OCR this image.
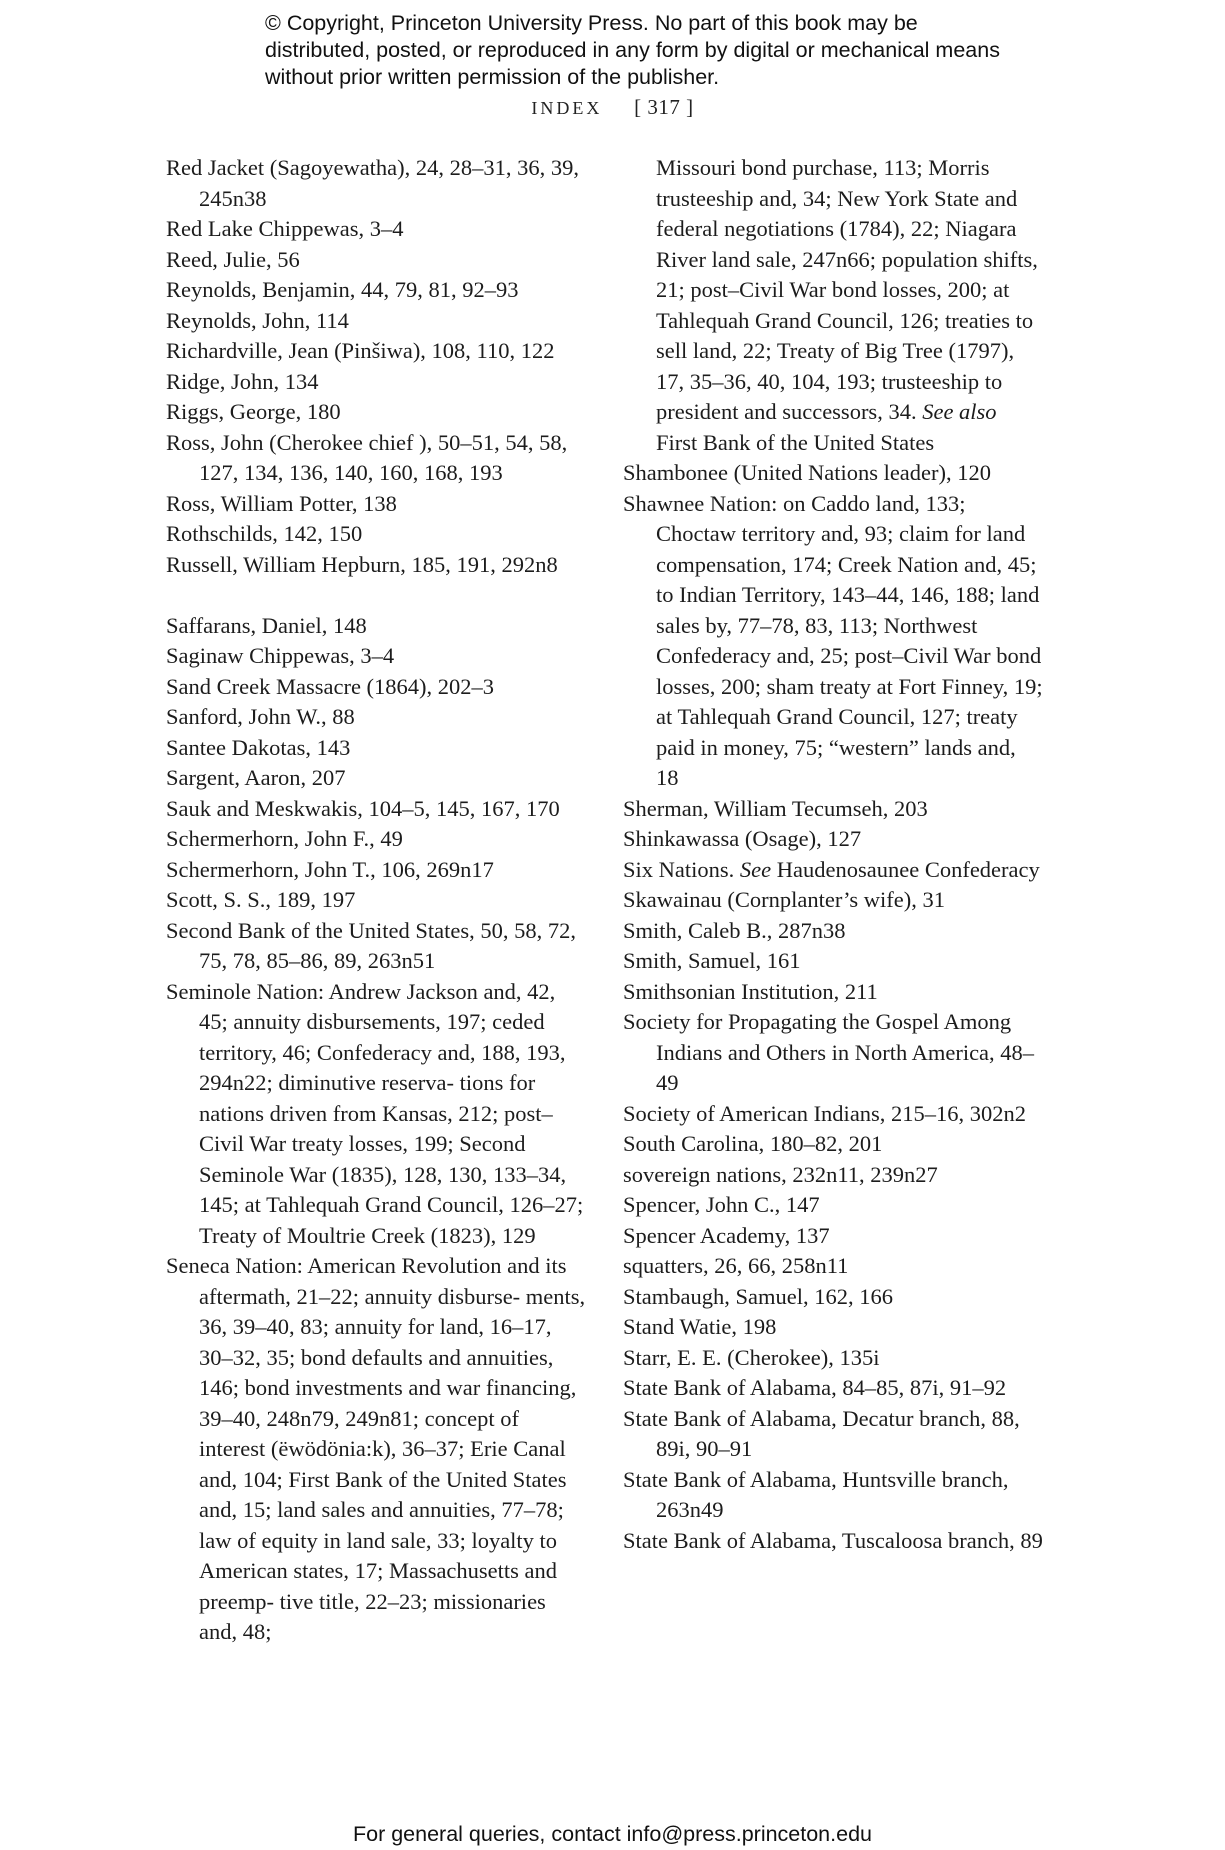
© Copyright, Princeton University Press. No part of this book may be distributed, posted, or reproduced in any form by digital or mechanical means without prior written permission of the publisher.
INDEX [ 317 ]

Red Jacket (Sagoyewatha), 24, 28–31, 36, 39, 245n38

Red Lake Chippewas, 3–4

Reed, Julie, 56

Reynolds, Benjamin, 44, 79, 81, 92–93

Reynolds, John, 114

Richardville, Jean (Pinšiwa), 108, 110, 122

Ridge, John, 134

Riggs, George, 180

Ross, John (Cherokee chief ), 50–51, 54, 58, 127, 134, 136, 140, 160, 168, 193

Ross, William Potter, 138

Rothschilds, 142, 150

Russell, William Hepburn, 185, 191, 292n8

Saffarans, Daniel, 148

Saginaw Chippewas, 3–4

Sand Creek Massacre (1864), 202–3

Sanford, John W., 88

Santee Dakotas, 143

Sargent, Aaron, 207

Sauk and Meskwakis, 104–5, 145, 167, 170

Schermerhorn, John F., 49

Schermerhorn, John T., 106, 269n17

Scott, S. S., 189, 197

Second Bank of the United States, 50, 58, 72, 75, 78, 85–86, 89, 263n51

Seminole Nation: Andrew Jackson and, 42, 45; annuity disbursements, 197; ceded territory, 46; Confederacy and, 188, 193, 294n22; diminutive reserva- tions for nations driven from Kansas, 212; post–Civil War treaty losses, 199; Second Seminole War (1835), 128, 130, 133–34, 145; at Tahlequah Grand Council, 126–27; Treaty of Moultrie Creek (1823), 129

Seneca Nation: American Revolution and its aftermath, 21–22; annuity disburse- ments, 36, 39–40, 83; annuity for land, 16–17, 30–32, 35; bond defaults and annuities, 146; bond investments and war financing, 39–40, 248n79, 249n81; concept of interest (ëwödönia:k), 36–37; Erie Canal and, 104; First Bank of the United States and, 15; land sales and annuities, 77–78; law of equity in land sale, 33; loyalty to American states, 17; Massachusetts and preemp- tive title, 22–23; missionaries and, 48;

Missouri bond purchase, 113; Morris trusteeship and, 34; New York State and federal negotiations (1784), 22; Niagara River land sale, 247n66; population shifts, 21; post–Civil War bond losses, 200; at Tahlequah Grand Council, 126; treaties to sell land, 22; Treaty of Big Tree (1797), 17, 35–36, 40, 104, 193; trusteeship to president and successors, 34. See also First Bank of the United States

Shambonee (United Nations leader), 120

Shawnee Nation: on Caddo land, 133; Choctaw territory and, 93; claim for land compensation, 174; Creek Nation and, 45; to Indian Territory, 143–44, 146, 188; land sales by, 77–78, 83, 113; Northwest Confederacy and, 25; post–Civil War bond losses, 200; sham treaty at Fort Finney, 19; at Tahlequah Grand Council, 127; treaty paid in money, 75; “western” lands and, 18

Sherman, William Tecumseh, 203

Shinkawassa (Osage), 127

Six Nations. See Haudenosaunee Confederacy

Skawainau (Cornplanter’s wife), 31

Smith, Caleb B., 287n38

Smith, Samuel, 161

Smithsonian Institution, 211

Society for Propagating the Gospel Among Indians and Others in North America, 48–49

Society of American Indians, 215–16, 302n2

South Carolina, 180–82, 201

sovereign nations, 232n11, 239n27

Spencer, John C., 147

Spencer Academy, 137

squatters, 26, 66, 258n11

Stambaugh, Samuel, 162, 166

Stand Watie, 198

Starr, E. E. (Cherokee), 135i

State Bank of Alabama, 84–85, 87i, 91–92

State Bank of Alabama, Decatur branch, 88, 89i, 90–91

State Bank of Alabama, Huntsville branch, 263n49

State Bank of Alabama, Tuscaloosa branch, 89

For general queries, contact info@press.princeton.edu
